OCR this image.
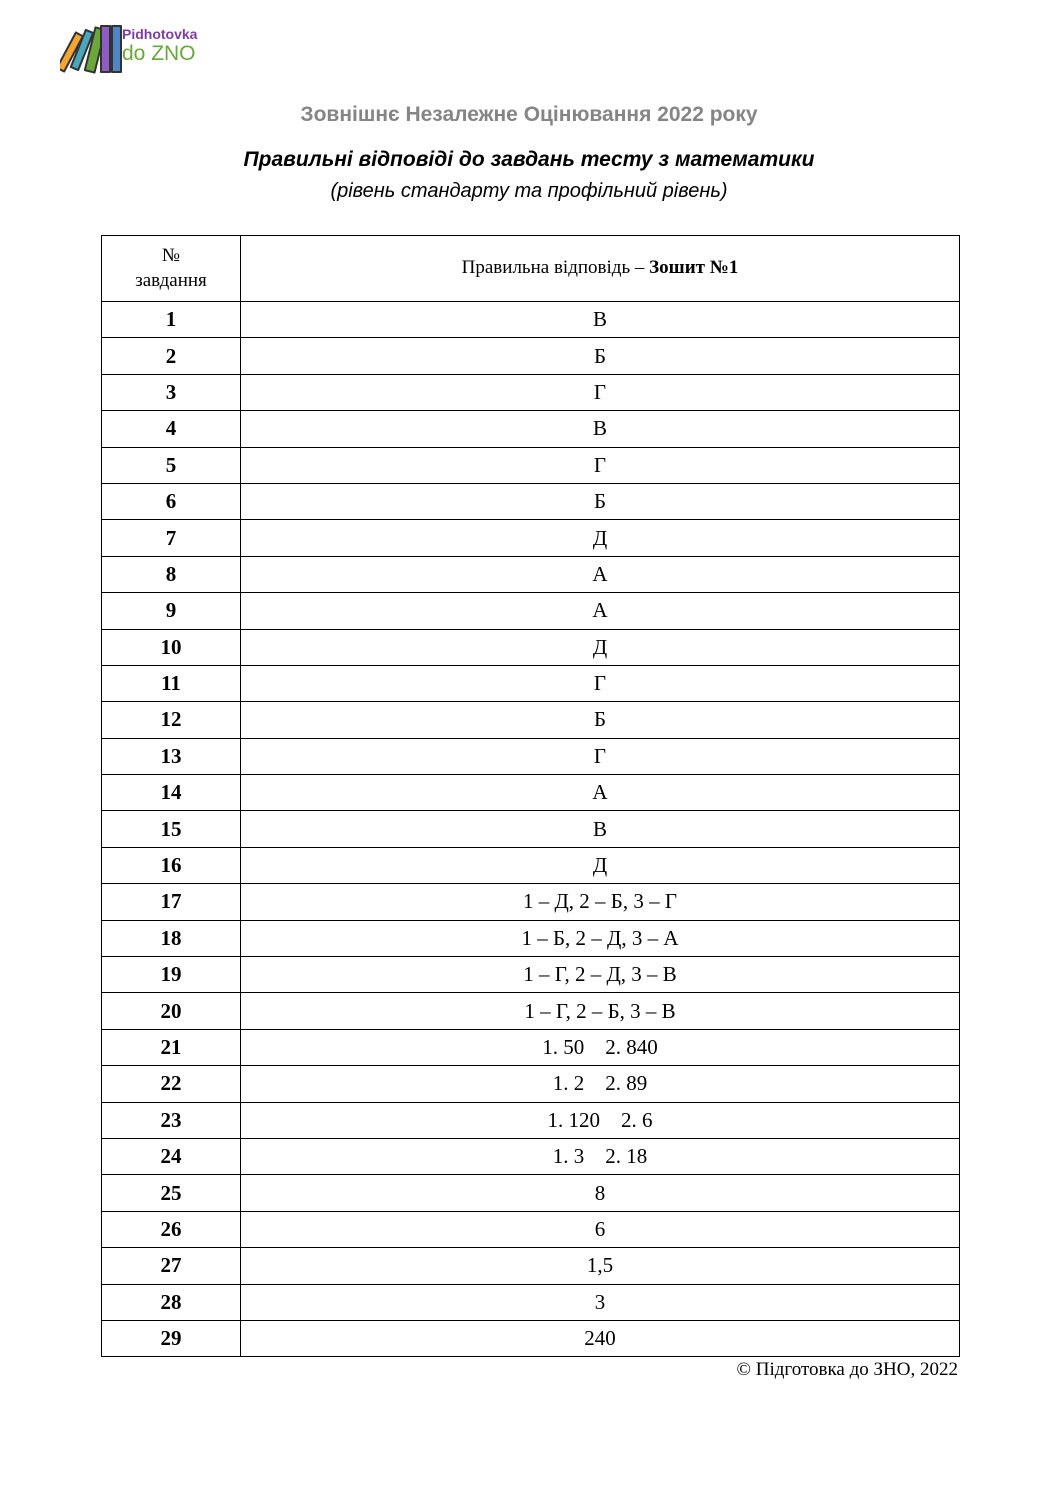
Pidhotovka
do ZNO
Зовнішнє Незалежне Оцінювання 2022 року
Правильні відповіді до завдань тесту з математики
(рівень стандарту та профільний рівень)
№
завдання	Правильна відповідь – Зошит №1
1	В
2	Б
3	Г
4	В
5	Г
6	Б
7	Д
8	А
9	А
10	Д
11	Г
12	Б
13	Г
14	А
15	В
16	Д
17	1 – Д, 2 – Б, 3 – Г
18	1 – Б, 2 – Д, 3 – А
19	1 – Г, 2 – Д, 3 – В
20	1 – Г, 2 – Б, 3 – В
21	1. 50    2. 840
22	1. 2    2. 89
23	1. 120    2. 6
24	1. 3    2. 18
25	8
26	6
27	1,5
28	3
29	240
© Підготовка до ЗНО, 2022
